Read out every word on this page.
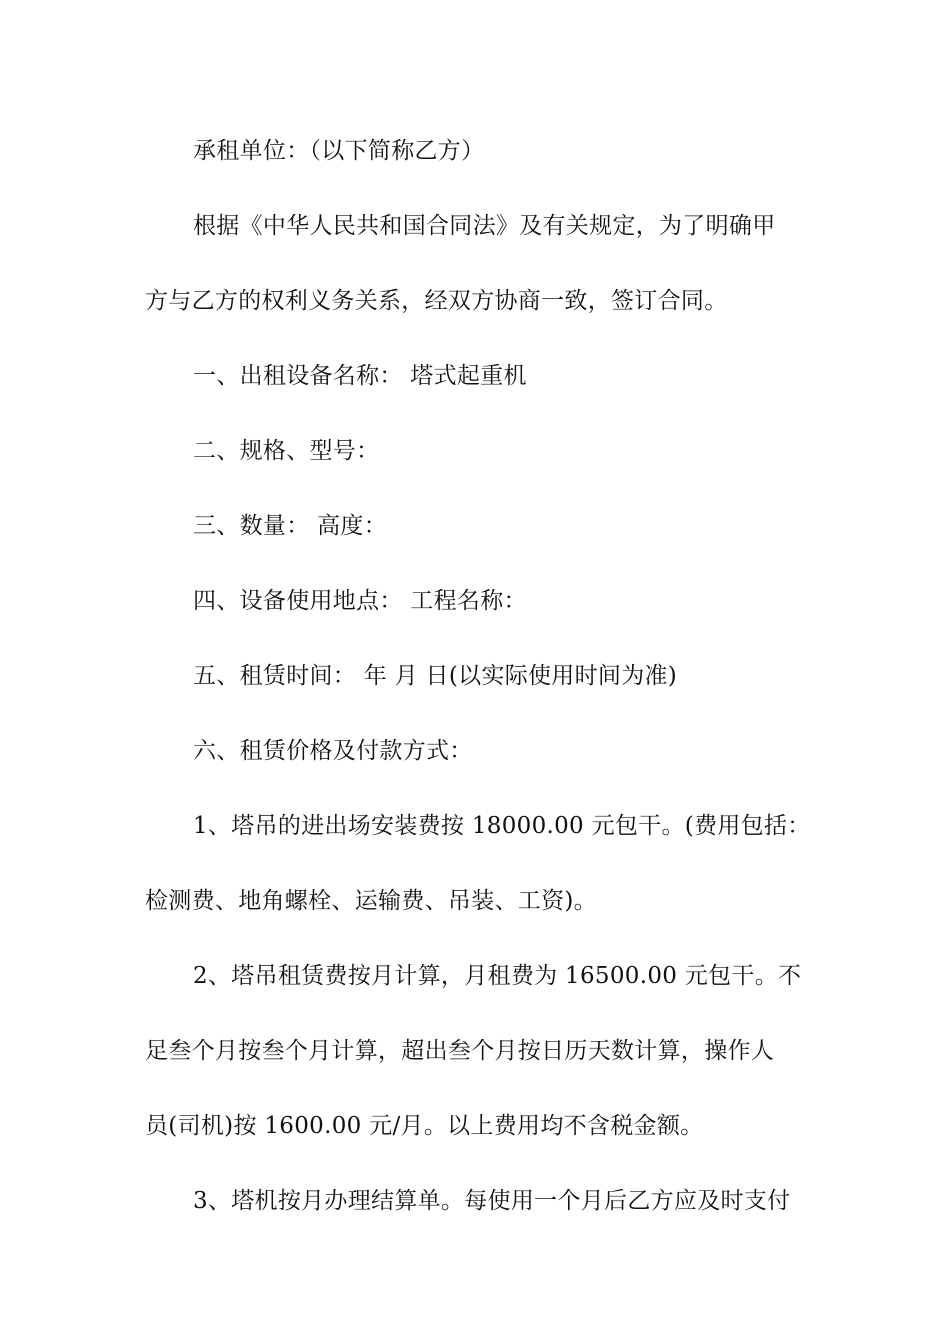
承租单位：（以下简称乙方）
根据《中华人民共和国合同法》及有关规定，为了明确甲
方与乙方的权利义务关系，经双方协商一致，签订合同。
一、出租设备名称： 塔式起重机
二、规格、型号：
三、数量： 高度：
四、设备使用地点： 工程名称：
五、租赁时间： 年 月 日(以实际使用时间为准)
六、租赁价格及付款方式：
1、塔吊的进出场安装费按 18000.00 元包干。(费用包括：
检测费、地角螺栓、运输费、吊装、工资)。
2、塔吊租赁费按月计算，月租费为 16500.00 元包干。不
足叁个月按叁个月计算，超出叁个月按日历天数计算，操作人
员(司机)按 1600.00 元/月。以上费用均不含税金额。
3、塔机按月办理结算单。每使用一个月后乙方应及时支付
